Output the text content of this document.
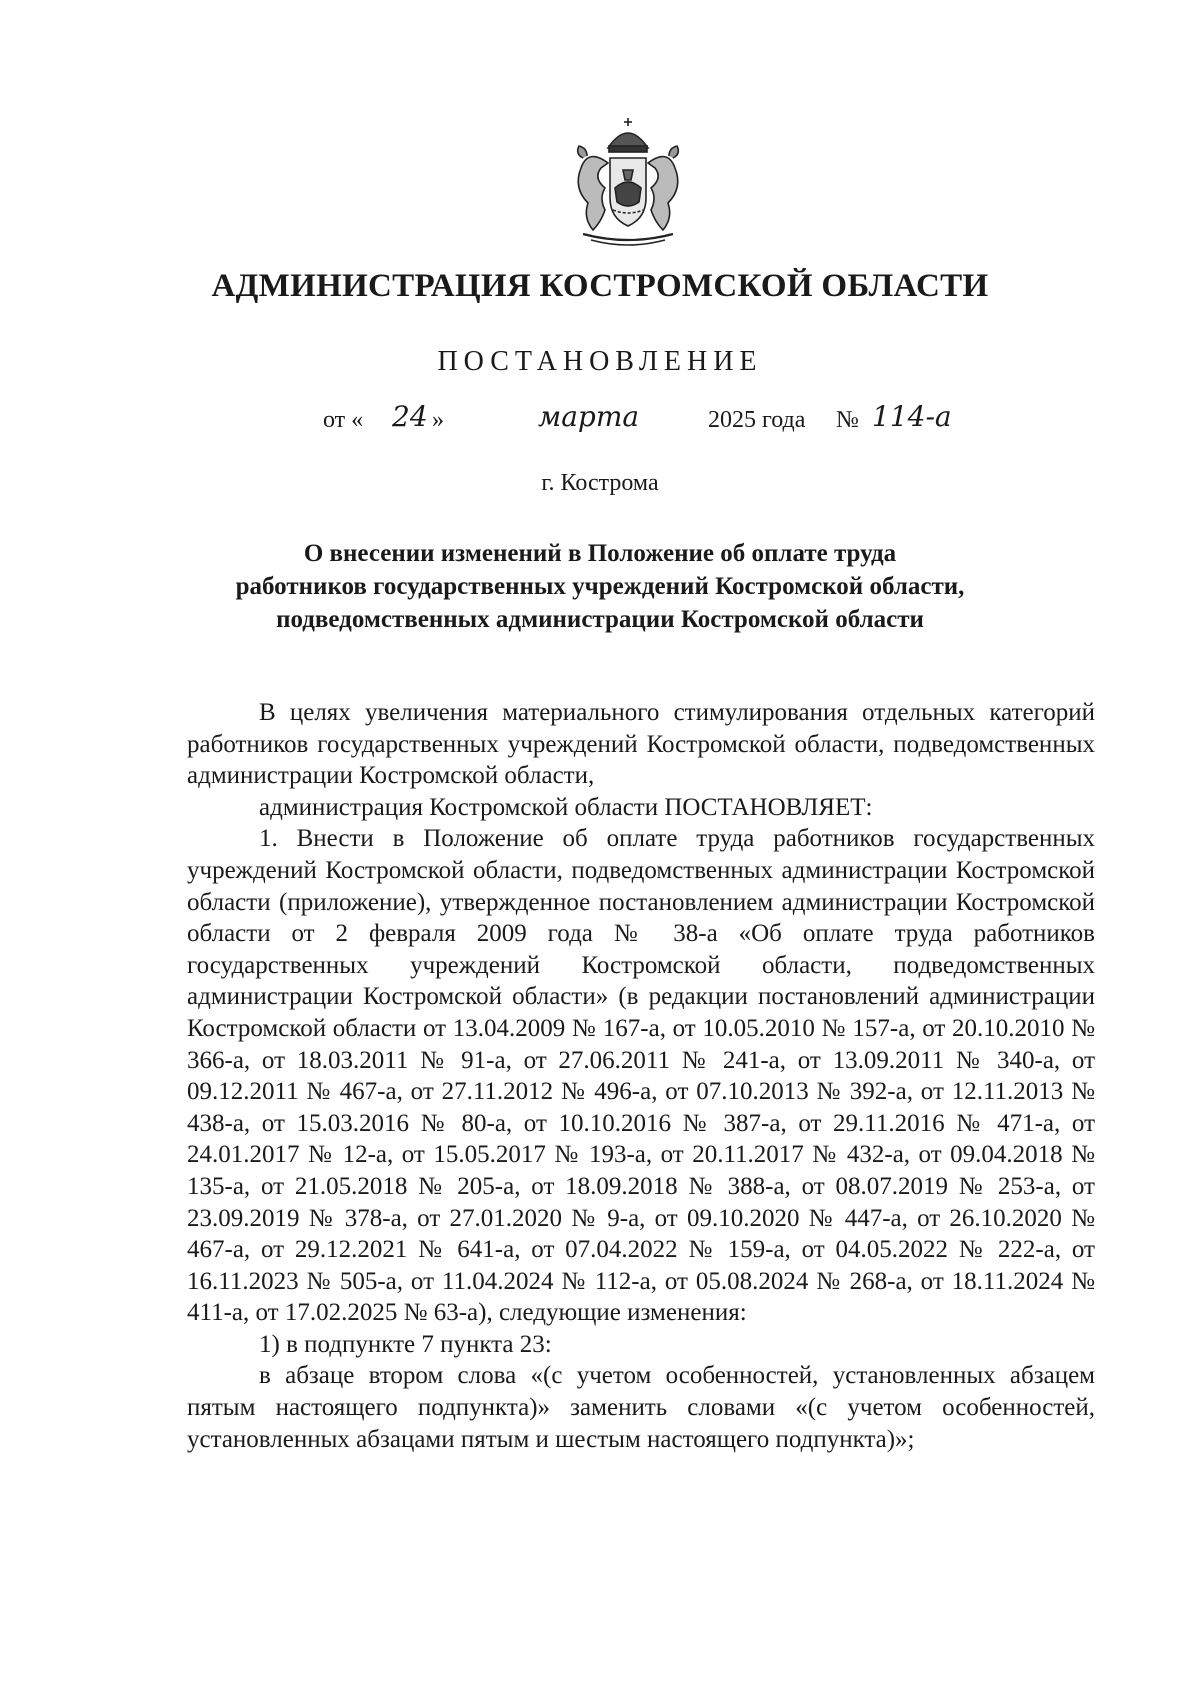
АДМИНИСТРАЦИЯ КОСТРОМСКОЙ ОБЛАСТИ
ПОСТАНОВЛЕНИЕ
от « 24 »	марта	2025 года № 114-а
г. Кострома
О внесении изменений в Положение об оплате труда
работников государственных учреждений Костромской области,
подведомственных администрации Костромской области

В целях увеличения материального стимулирования отдельных категорий работников государственных учреждений Костромской области, подведомственных администрации Костромской области,

администрация Костромской области ПОСТАНОВЛЯЕТ:

1. Внести в Положение об оплате труда работников государственных учреждений Костромской области, подведомственных администрации Костромской области (приложение), утвержденное постановлением администрации Костромской области от 2 февраля 2009 года № 38-а «Об оплате труда работников государственных учреждений Костромской области, подведомственных администрации Костромской области» (в редакции постановлений администрации Костромской области от 13.04.2009 № 167-а, от 10.05.2010 № 157-а, от 20.10.2010 № 366-а, от 18.03.2011 № 91-а, от 27.06.2011 № 241-а, от 13.09.2011 № 340-а, от 09.12.2011 № 467-а, от 27.11.2012 № 496-а, от 07.10.2013 № 392-а, от 12.11.2013 № 438-а, от 15.03.2016 № 80-а, от 10.10.2016 № 387-а, от 29.11.2016 № 471-а, от 24.01.2017 № 12-а, от 15.05.2017 № 193-а, от 20.11.2017 № 432-а, от 09.04.2018 № 135-а, от 21.05.2018 № 205-а, от 18.09.2018 № 388-а, от 08.07.2019 № 253-а, от 23.09.2019 № 378-а, от 27.01.2020 № 9-а, от 09.10.2020 № 447-а, от 26.10.2020 № 467-а, от 29.12.2021 № 641-а, от 07.04.2022 № 159-а, от 04.05.2022 № 222-а, от 16.11.2023 № 505-а, от 11.04.2024 № 112-а, от 05.08.2024 № 268-а, от 18.11.2024 № 411-а, от 17.02.2025 № 63-а), следующие изменения:

1) в подпункте 7 пункта 23:

в абзаце втором слова «(с учетом особенностей, установленных абзацем пятым настоящего подпункта)» заменить словами «(с учетом особенностей, установленных абзацами пятым и шестым настоящего подпункта)»;
